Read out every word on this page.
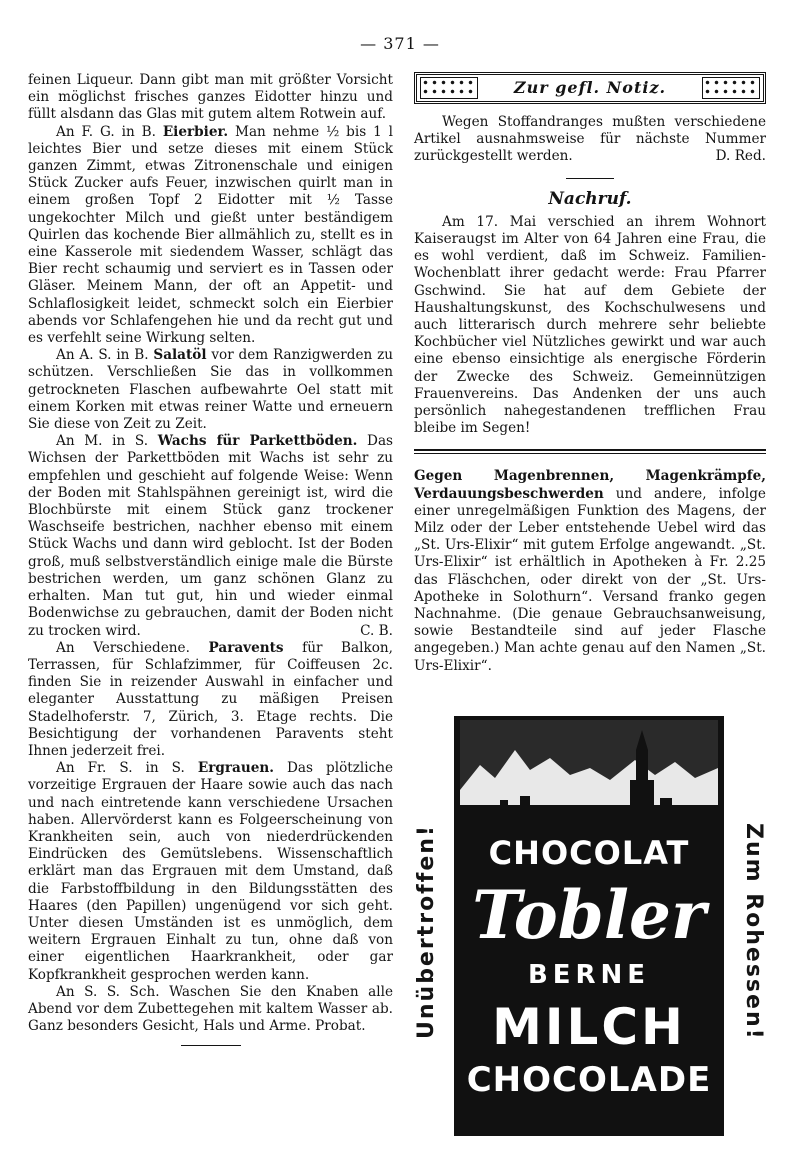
— 371 —

feinen Liqueur. Dann gibt man mit größter Vorsicht ein möglichst frisches ganzes Eidotter hinzu und füllt alsdann das Glas mit gutem altem Rotwein auf.

An F. G. in B. Eierbier. Man nehme ½ bis 1 l leichtes Bier und setze dieses mit einem Stück ganzen Zimmt, etwas Zitronenschale und einigen Stück Zucker aufs Feuer, inzwischen quirlt man in einem großen Topf 2 Eidotter mit ½ Tasse ungekochter Milch und gießt unter beständigem Quirlen das kochende Bier allmählich zu, stellt es in eine Kasserole mit siedendem Wasser, schlägt das Bier recht schaumig und serviert es in Tassen oder Gläser. Meinem Mann, der oft an Appetit- und Schlaflosigkeit leidet, schmeckt solch ein Eierbier abends vor Schlafengehen hie und da recht gut und es verfehlt seine Wirkung selten.

An A. S. in B. Salatöl vor dem Ranzigwerden zu schützen. Verschließen Sie das in vollkommen getrockneten Flaschen aufbewahrte Oel statt mit einem Korken mit etwas reiner Watte und erneuern Sie diese von Zeit zu Zeit.

An M. in S. Wachs für Parkettböden. Das Wichsen der Parkettböden mit Wachs ist sehr zu empfehlen und geschieht auf folgende Weise: Wenn der Boden mit Stahlspähnen gereinigt ist, wird die Blochbürste mit einem Stück ganz trockener Waschseife bestrichen, nachher ebenso mit einem Stück Wachs und dann wird geblocht. Ist der Boden groß, muß selbstverständlich einige male die Bürste bestrichen werden, um ganz schönen Glanz zu erhalten. Man tut gut, hin und wieder einmal Bodenwichse zu gebrauchen, damit der Boden nicht zu trocken wird.	C. B.

An Verschiedene. Paravents für Balkon, Terrassen, für Schlafzimmer, für Coiffeusen 2c. finden Sie in reizender Auswahl in einfacher und eleganter Ausstattung zu mäßigen Preisen Stadelhoferstr. 7, Zürich, 3. Etage rechts. Die Besichtigung der vorhandenen Paravents steht Ihnen jederzeit frei.

An Fr. S. in S. Ergrauen. Das plötzliche vorzeitige Ergrauen der Haare sowie auch das nach und nach eintretende kann verschiedene Ursachen haben. Allervörderst kann es Folgeerscheinung von Krankheiten sein, auch von niederdrückenden Eindrücken des Gemütslebens. Wissenschaftlich erklärt man das Ergrauen mit dem Umstand, daß die Farbstoffbildung in den Bildungsstätten des Haares (den Papillen) ungenügend vor sich geht. Unter diesen Umständen ist es unmöglich, dem weitern Ergrauen Einhalt zu tun, ohne daß von einer eigentlichen Haarkrankheit, oder gar Kopfkrankheit gesprochen werden kann.

An S. S. Sch. Waschen Sie den Knaben alle Abend vor dem Zubettegehen mit kaltem Wasser ab. Ganz besonders Gesicht, Hals und Arme. Probat.

Zur gefl. Notiz.

Wegen Stoffandranges mußten verschiedene Artikel ausnahmsweise für nächste Nummer zurückgestellt werden.	D. Red.

Nachruf.

Am 17. Mai verschied an ihrem Wohnort Kaiseraugst im Alter von 64 Jahren eine Frau, die es wohl verdient, daß im Schweiz. Familien-Wochenblatt ihrer gedacht werde: Frau Pfarrer Gschwind. Sie hat auf dem Gebiete der Haushaltungskunst, des Kochschulwesens und auch litterarisch durch mehrere sehr beliebte Kochbücher viel Nützliches gewirkt und war auch eine ebenso einsichtige als energische Förderin der Zwecke des Schweiz. Gemeinnützigen Frauenvereins. Das Andenken der uns auch persönlich nahegestandenen trefflichen Frau bleibe im Segen!

Gegen Magenbrennen, Magenkrämpfe, Verdauungsbeschwerden und andere, infolge einer unregelmäßigen Funktion des Magens, der Milz oder der Leber entstehende Uebel wird das „St. Urs-Elixir“ mit gutem Erfolge angewandt. „St. Urs-Elixir“ ist erhältlich in Apotheken à Fr. 2.25 das Fläschchen, oder direkt von der „St. Urs-Apotheke in Solothurn“. Versand franko gegen Nachnahme. (Die genaue Gebrauchsanweisung, sowie Bestandteile sind auf jeder Flasche angegeben.) Man achte genau auf den Namen „St. Urs-Elixir“.

Unübertroffen!	Zum Rohessen!
CHOCOLAT
Tobler
BERNE
MILCH
CHOCOLADE
